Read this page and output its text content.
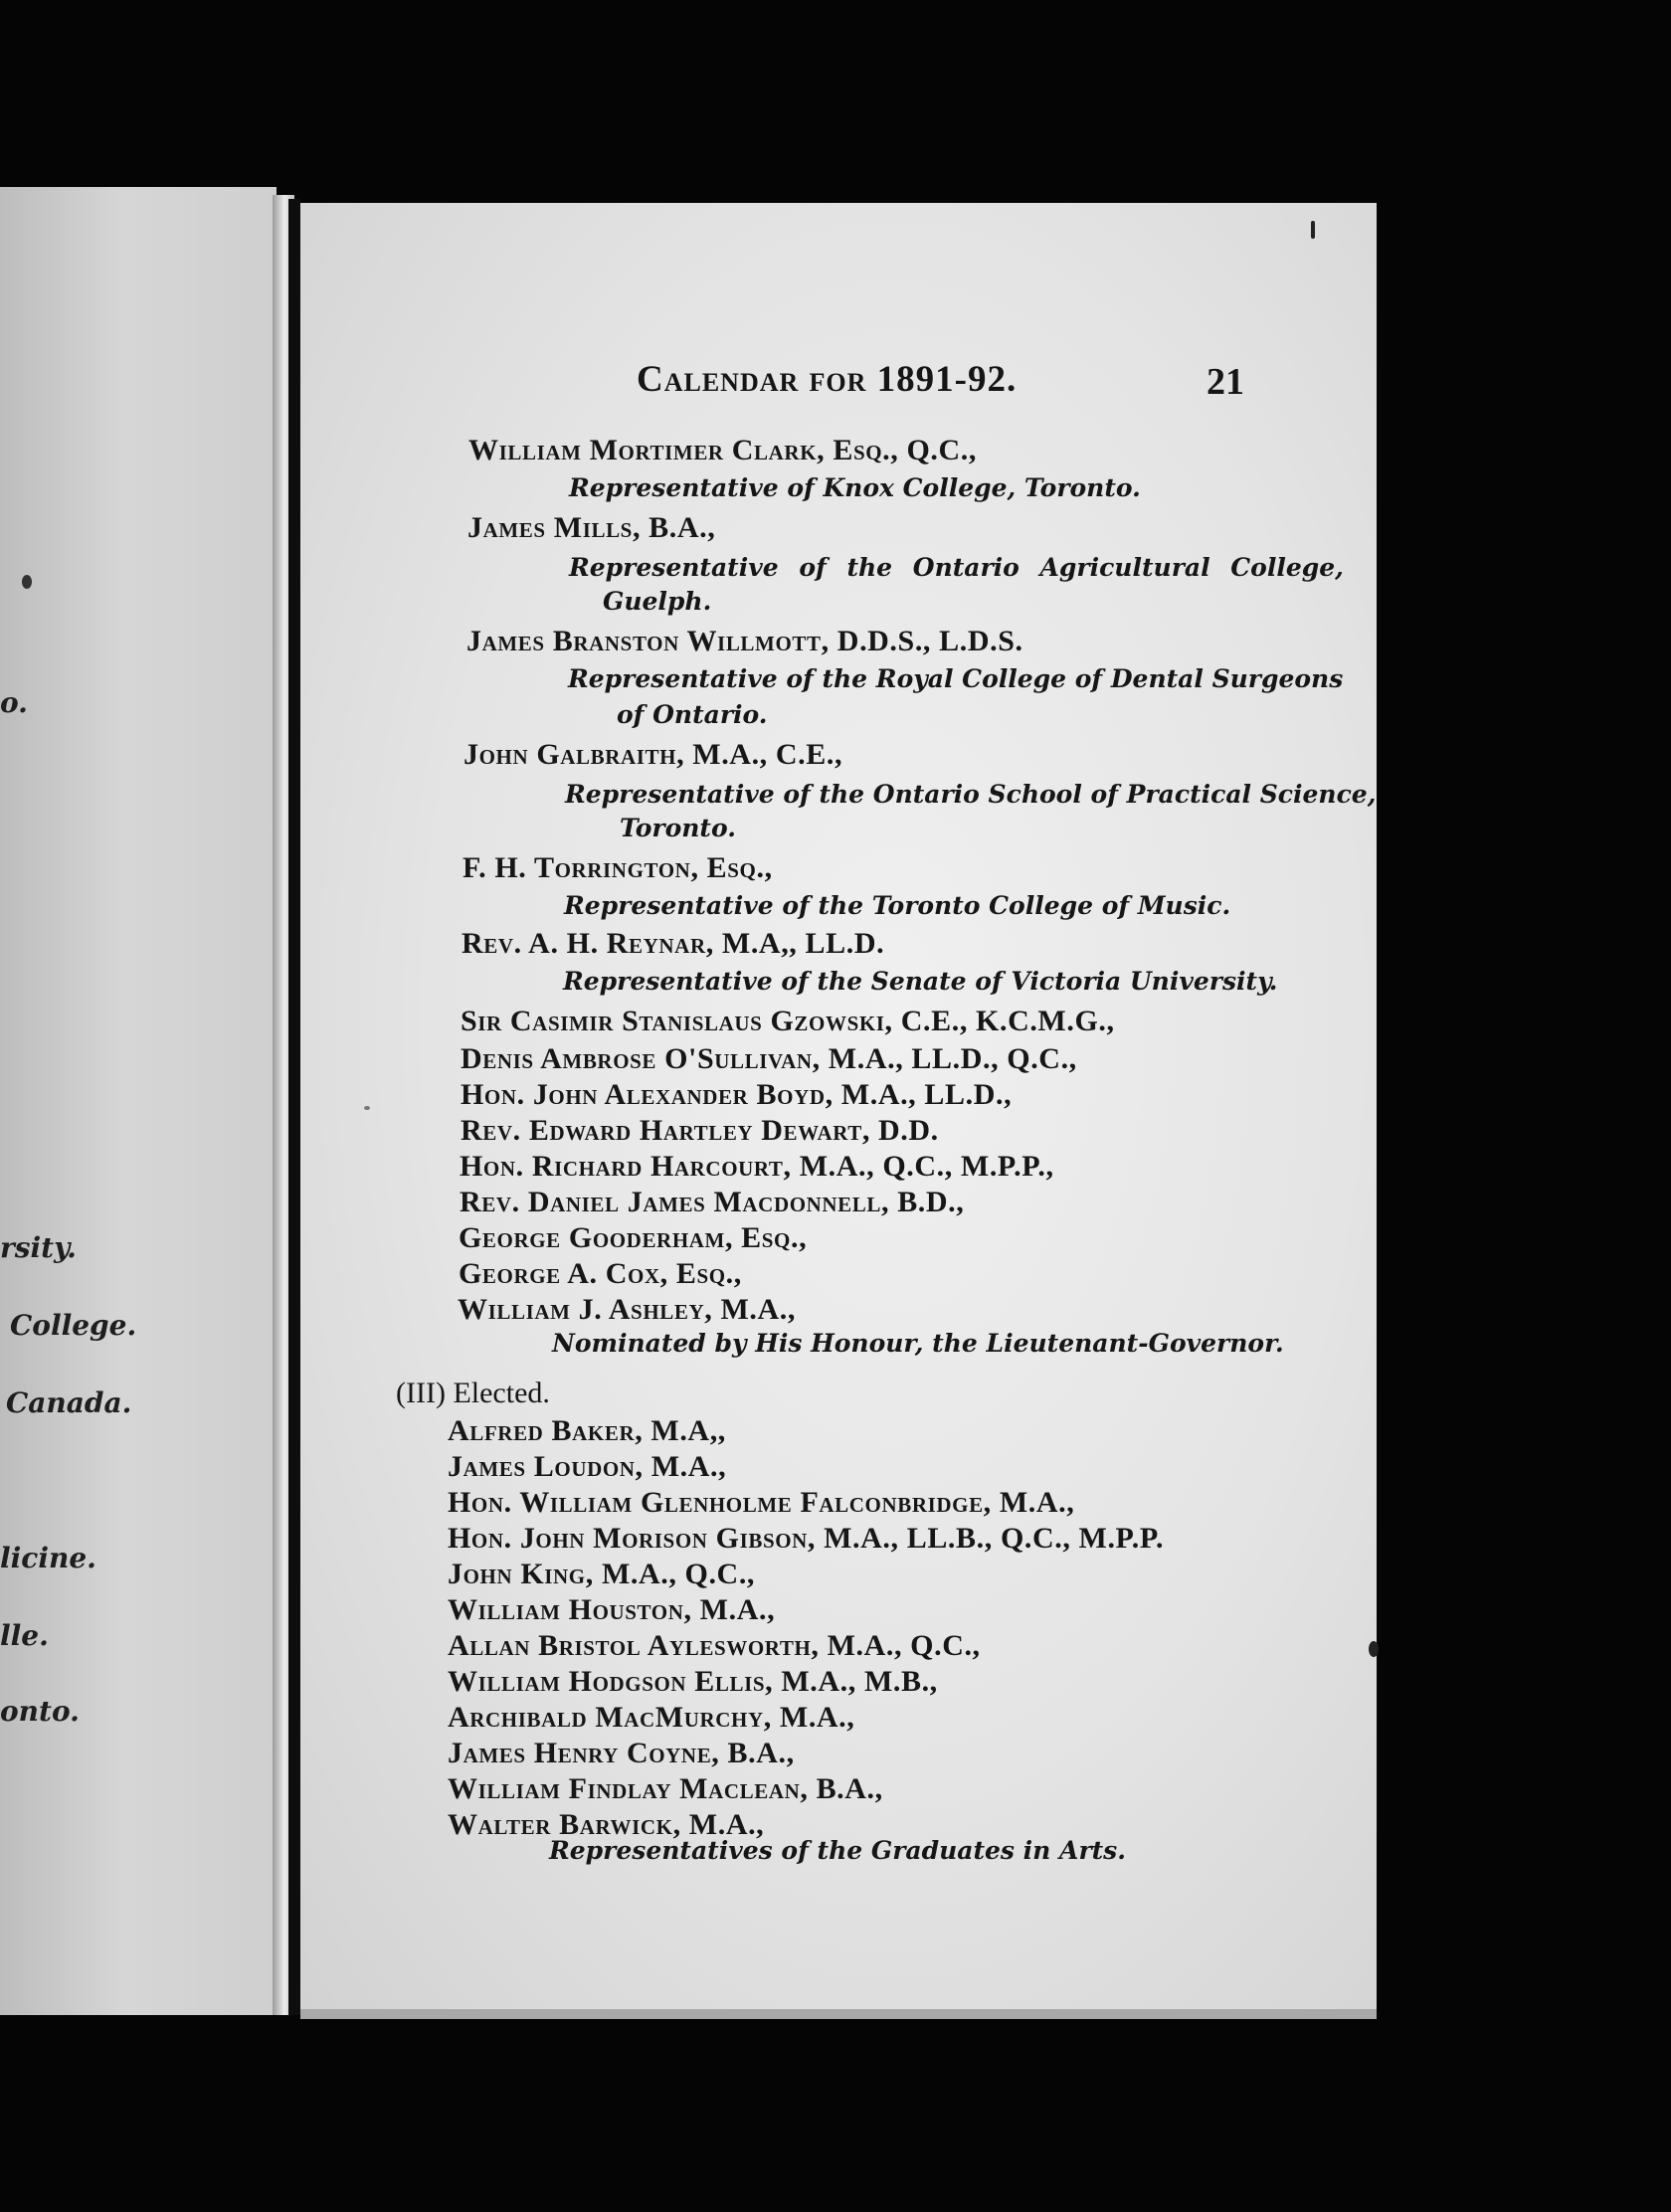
o.
rsity.
College.
Canada.
licine.
lle.
onto.
Calendar for 1891-92.	21
William Mortimer Clark, Esq., Q.C.,
Representative of Knox College, Toronto.
James Mills, B.A.,
Representative of the Ontario Agricultural College,
Guelph.
James Branston Willmott, D.D.S., L.D.S.
Representative of the Royal College of Dental Surgeons
of Ontario.
John Galbraith, M.A., C.E.,
Representative of the Ontario School of Practical Science,
Toronto.
F. H. Torrington, Esq.,
Representative of the Toronto College of Music.
Rev. A. H. Reynar, M.A,, LL.D.
Representative of the Senate of Victoria University.
Sir Casimir Stanislaus Gzowski, C.E., K.C.M.G.,
Denis Ambrose O'Sullivan, M.A., LL.D., Q.C.,
Hon. John Alexander Boyd, M.A., LL.D.,
Rev. Edward Hartley Dewart, D.D.
Hon. Richard Harcourt, M.A., Q.C., M.P.P.,
Rev. Daniel James Macdonnell, B.D.,
George Gooderham, Esq.,
George A. Cox, Esq.,
William J. Ashley, M.A.,
Nominated by His Honour, the Lieutenant-Governor.
(III) Elected.
Alfred Baker, M.A,,
James Loudon, M.A.,
Hon. William Glenholme Falconbridge, M.A.,
Hon. John Morison Gibson, M.A., LL.B., Q.C., M.P.P.
John King, M.A., Q.C.,
William Houston, M.A.,
Allan Bristol Aylesworth, M.A., Q.C.,
William Hodgson Ellis, M.A., M.B.,
Archibald MacMurchy, M.A.,
James Henry Coyne, B.A.,
William Findlay Maclean, B.A.,
Walter Barwick, M.A.,
Representatives of the Graduates in Arts.
